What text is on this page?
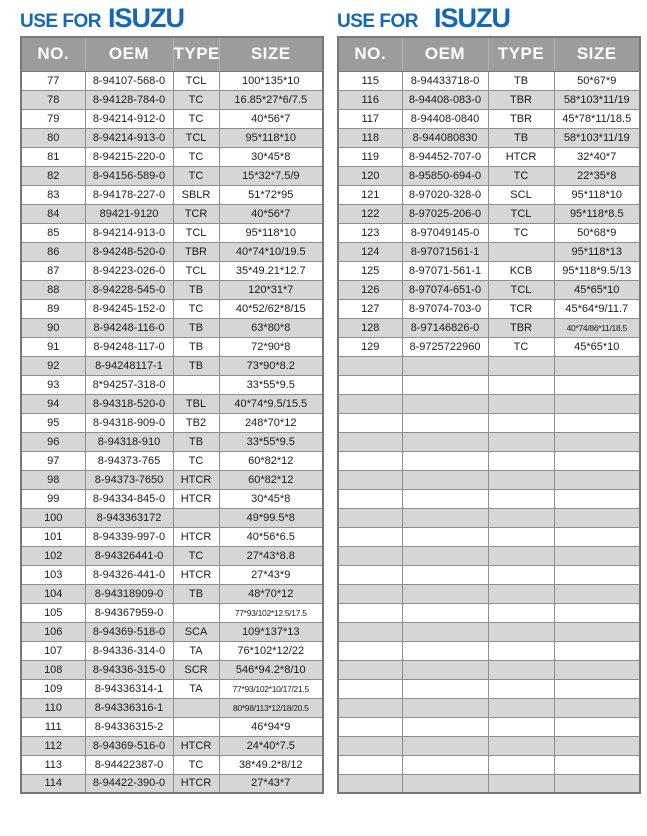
USE FOR ISUZU
NO.	OEM	TYPE	SIZE
77	8-94107-568-0	TCL	100*135*10
78	8-94128-784-0	TC	16.85*27*6/7.5
79	8-94214-912-0	TC	40*56*7
80	8-94214-913-0	TCL	95*118*10
81	8-94215-220-0	TC	30*45*8
82	8-94156-589-0	TC	15*32*7.5/9
83	8-94178-227-0	SBLR	51*72*95
84	89421-9120	TCR	40*56*7
85	8-94214-913-0	TCL	95*118*10
86	8-94248-520-0	TBR	40*74*10/19.5
87	8-94223-026-0	TCL	35*49.21*12.7
88	8-94228-545-0	TB	120*31*7
89	8-94245-152-0	TC	40*52/62*8/15
90	8-94248-116-0	TB	63*80*8
91	8-94248-117-0	TB	72*90*8
92	8-94248117-1	TB	73*90*8.2
93	8*94257-318-0		33*55*9.5
94	8-94318-520-0	TBL	40*74*9.5/15.5
95	8-94318-909-0	TB2	248*70*12
96	8-94318-910	TB	33*55*9.5
97	8-94373-765	TC	60*82*12
98	8-94373-7650	HTCR	60*82*12
99	8-94334-845-0	HTCR	30*45*8
100	8-943363172		49*99.5*8
101	8-94339-997-0	HTCR	40*56*6.5
102	8-94326441-0	TC	27*43*8.8
103	8-94326-441-0	HTCR	27*43*9
104	8-94318909-0	TB	48*70*12
105	8-94367959-0		77*93/102*12.5/17.5
106	8-94369-518-0	SCA	109*137*13
107	8-94336-314-0	TA	76*102*12/22
108	8-94336-315-0	SCR	546*94.2*8/10
109	8-94336314-1	TA	77*93/102*10/17/21.5
110	8-94336316-1		80*98/113*12/18/20.5
111	8-94336315-2		46*94*9
112	8-94369-516-0	HTCR	24*40*7.5
113	8-94422387-0	TC	38*49.2*8/12
114	8-94422-390-0	HTCR	27*43*7
USE FOR ISUZU
NO.	OEM	TYPE	SIZE
115	8-94433718-0	TB	50*67*9
116	8-94408-083-0	TBR	58*103*11/19
117	8-94408-0840	TBR	45*78*11/18.5
118	8-944080830	TB	58*103*11/19
119	8-94452-707-0	HTCR	32*40*7
120	8-95850-694-0	TC	22*35*8
121	8-97020-328-0	SCL	95*118*10
122	8-97025-206-0	TCL	95*118*8.5
123	8-97049145-0	TC	50*68*9
124	8-97071561-1		95*118*13
125	8-97071-561-1	KCB	95*118*9.5/13
126	8-97074-651-0	TCL	45*65*10
127	8-97074-703-0	TCR	45*64*9/11.7
128	8-97146826-0	TBR	40*74/86*11/18.5
129	8-9725722960	TC	45*65*10
